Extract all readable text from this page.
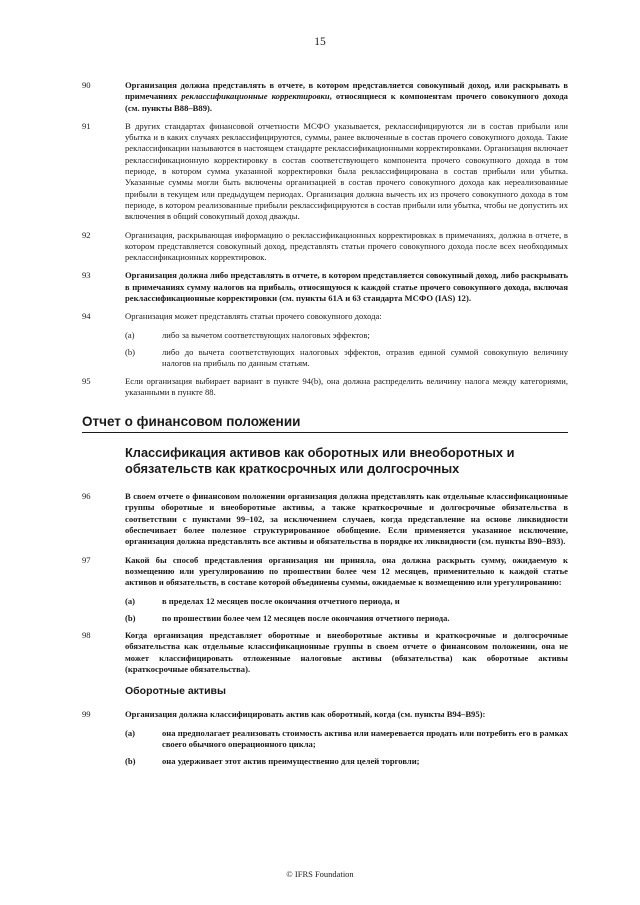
15
90	Организация должна представлять в отчете, в котором представляется совокупный доход, или раскрывать в примечаниях реклассификационные корректировки, относящиеся к компонентам прочего совокупного дохода (см. пункты B88–B89).
91	В других стандартах финансовой отчетности МСФО указывается, реклассифицируются ли в состав прибыли или убытка и в каких случаях реклассифицируются, суммы, ранее включенные в состав прочего совокупного дохода. Такие реклассификации называются в настоящем стандарте реклассификационными корректировками. Организация включает реклассификационную корректировку в состав соответствующего компонента прочего совокупного дохода в том периоде, в котором сумма указанной корректировки была реклассифицирована в состав прибыли или убытка. Указанные суммы могли быть включены организацией в состав прочего совокупного дохода как нереализованные прибыли в текущем или предыдущем периодах. Организация должна вычесть их из прочего совокупного дохода в том периоде, в котором реализованные прибыли реклассифицируются в состав прибыли или убытка, чтобы не допустить их включения в общий совокупный доход дважды.
92	Организация, раскрывающая информацию о реклассификационных корректировках в примечаниях, должна в отчете, в котором представляется совокупный доход, представлять статьи прочего совокупного дохода после всех необходимых реклассификационных корректировок.
93	Организация должна либо представлять в отчете, в котором представляется совокупный доход, либо раскрывать в примечаниях сумму налогов на прибыль, относящуюся к каждой статье прочего совокупного дохода, включая реклассификационные корректировки (см. пункты 61А и 63 стандарта МСФО (IAS) 12).
94	Организация может представлять статьи прочего совокупного дохода:
(a)	либо за вычетом соответствующих налоговых эффектов;
(b)	либо до вычета соответствующих налоговых эффектов, отразив единой суммой совокупную величину налогов на прибыль по данным статьям.
95	Если организация выбирает вариант в пункте 94(b), она должна распределить величину налога между категориями, указанными в пункте 88.
Отчет о финансовом положении
Классификация активов как оборотных или внеоборотных и обязательств как краткосрочных или долгосрочных
96	В своем отчете о финансовом положении организация должна представлять как отдельные классификационные группы оборотные и внеоборотные активы, а также краткосрочные и долгосрочные обязательства в соответствии с пунктами 99–102, за исключением случаев, когда представление на основе ликвидности обеспечивает более полезное структурированное обобщение. Если применяется указанное исключение, организация должна представлять все активы и обязательства в порядке их ликвидности (см. пункты B90–B93).
97	Какой бы способ представления организация ни приняла, она должна раскрыть сумму, ожидаемую к возмещению или урегулированию по прошествии более чем 12 месяцев, применительно к каждой статье активов и обязательств, в составе которой объединены суммы, ожидаемые к возмещению или урегулированию:
(a)	в пределах 12 месяцев после окончания отчетного периода, и
(b)	по прошествии более чем 12 месяцев после окончания отчетного периода.
98	Когда организация представляет оборотные и внеоборотные активы и краткосрочные и долгосрочные обязательства как отдельные классификационные группы в своем отчете о финансовом положении, она не может классифицировать отложенные налоговые активы (обязательства) как оборотные активы (краткосрочные обязательства).
Оборотные активы
99	Организация должна классифицировать актив как оборотный, когда (см. пункты B94–B95):
(a)	она предполагает реализовать стоимость актива или намеревается продать или потребить его в рамках своего обычного операционного цикла;
(b)	она удерживает этот актив преимущественно для целей торговли;
© IFRS Foundation
